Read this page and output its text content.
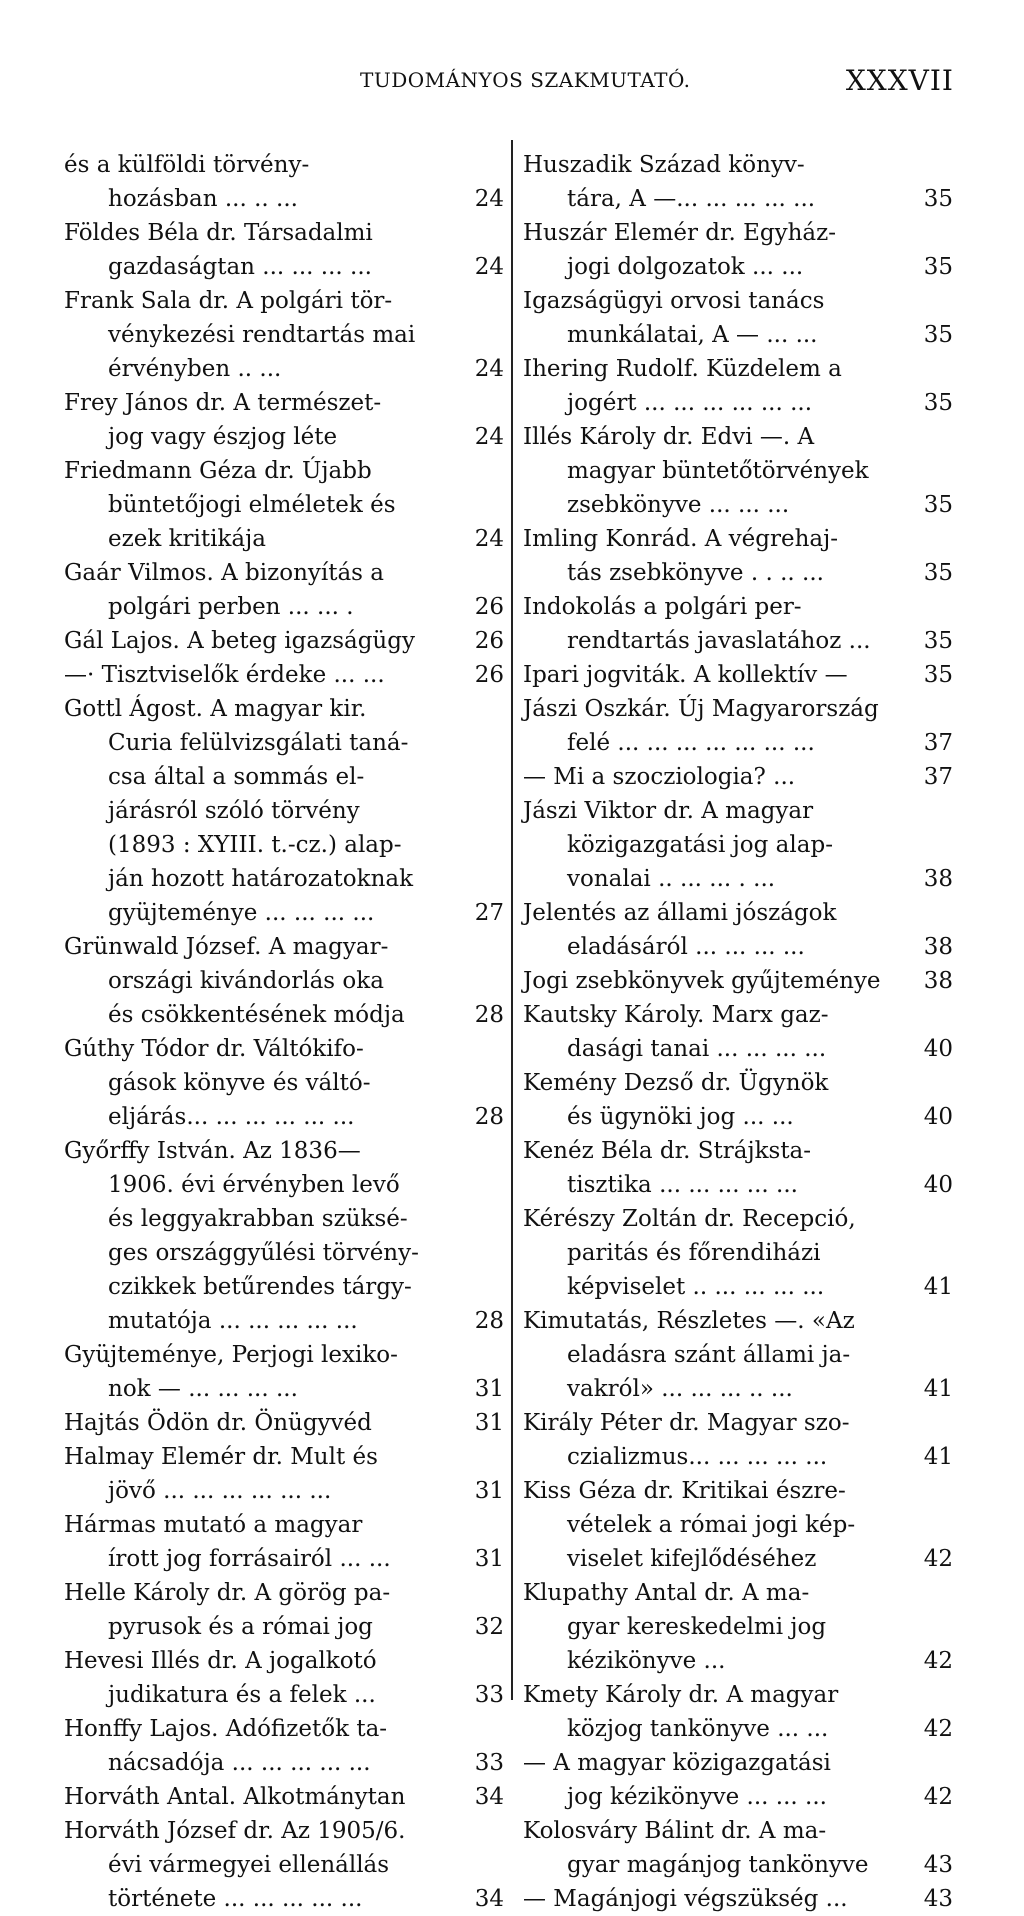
TUDOMÁNYOS SZAKMUTATÓ.	XXXVII
és a külföldi törvény-
hozásban ... .. ...	24
Földes Béla dr. Társadalmi
gazdaságtan ... ... ... ...	24
Frank Sala dr. A polgári tör-
vénykezési rendtartás mai
érvényben .. ...	24
Frey János dr. A természet-
jog vagy észjog léte	24
Friedmann Géza dr. Újabb
büntetőjogi elméletek és
ezek kritikája	24
Gaár Vilmos. A bizonyítás a
polgári perben ... ... .	26
Gál Lajos. A beteg igazságügy	26
—· Tisztviselők érdeke ... ...	26
Gottl Ágost. A magyar kir.
Curia felülvizsgálati taná-
csa által a sommás el-
járásról szóló törvény
(1893 : XYIII. t.-cz.) alap-
ján hozott határozatoknak
gyüjteménye ... ... ... ...	27
Grünwald József. A magyar-
országi kivándorlás oka
és csökkentésének módja	28
Gúthy Tódor dr. Váltókifo-
gások könyve és váltó-
eljárás... ... ... ... ... ...	28
Győrffy István. Az 1836—
1906. évi érvényben levő
és leggyakrabban szüksé-
ges országgyűlési törvény-
czikkek betűrendes tárgy-
mutatója ... ... ... ... ...	28
Gyüjteménye, Perjogi lexiko-
nok — ... ... ... ...	31
Hajtás Ödön dr. Önügyvéd	31
Halmay Elemér dr. Mult és
jövő ... ... ... ... ... ...	31
Hármas mutató a magyar
írott jog forrásairól ... ...	31
Helle Károly dr. A görög pa-
pyrusok és a római jog	32
Hevesi Illés dr. A jogalkotó
judikatura és a felek ...	33
Honffy Lajos. Adófizetők ta-
nácsadója ... ... ... ... ...	33
Horváth Antal. Alkotmánytan	34
Horváth József dr. Az 1905/6.
évi vármegyei ellenállás
története ... ... ... ... ...	34
Huszadik Század könyv-
tára, A —... ... ... ... ...	35
Huszár Elemér dr. Egyház-
jogi dolgozatok ... ...	35
Igazságügyi orvosi tanács
munkálatai, A — ... ...	35
Ihering Rudolf. Küzdelem a
jogért ... ... ... ... ... ...	35
Illés Károly dr. Edvi —. A
magyar büntetőtörvények
zsebkönyve ... ... ...	35
Imling Konrád. A végrehaj-
tás zsebkönyve . . .. ...	35
Indokolás a polgári per-
rendtartás javaslatához ... 35
Ipari jogviták. A kollektív —	35
Jászi Oszkár. Új Magyarország
felé ... ... ... ... ... ... ...	37
— Mi a szocziologia? ...	37
Jászi Viktor dr. A magyar
közigazgatási jog alap-
vonalai .. ... ... . ...	38
Jelentés az állami jószágok
eladásáról ... ... ... ...	38
Jogi zsebkönyvek gyűjteménye 38
Kautsky Károly. Marx gaz-
dasági tanai ... ... ... ...	40
Kemény Dezső dr. Ügynök
és ügynöki jog ... ...	40
Kenéz Béla dr. Strájksta-
tisztika ... ... ... ... ...	40
Kérészy Zoltán dr. Recepció,
paritás és főrendiházi
képviselet .. ... ... ... ...	41
Kimutatás, Részletes —. «Az
eladásra szánt állami ja-
vakról» ... ... ... .. ...	41
Király Péter dr. Magyar szo-
czializmus... ... ... ... ...	41
Kiss Géza dr. Kritikai észre-
vételek a római jogi kép-
viselet kifejlődéséhez	42
Klupathy Antal dr. A ma-
gyar kereskedelmi jog
kézikönyve ...	42
Kmety Károly dr. A magyar
közjog tankönyve ... ...	42
— A magyar közigazgatási
jog kézikönyve ... ... ...	42
Kolosváry Bálint dr. A ma-
gyar magánjog tankönyve 43
— Magánjogi végszükség ...	43
